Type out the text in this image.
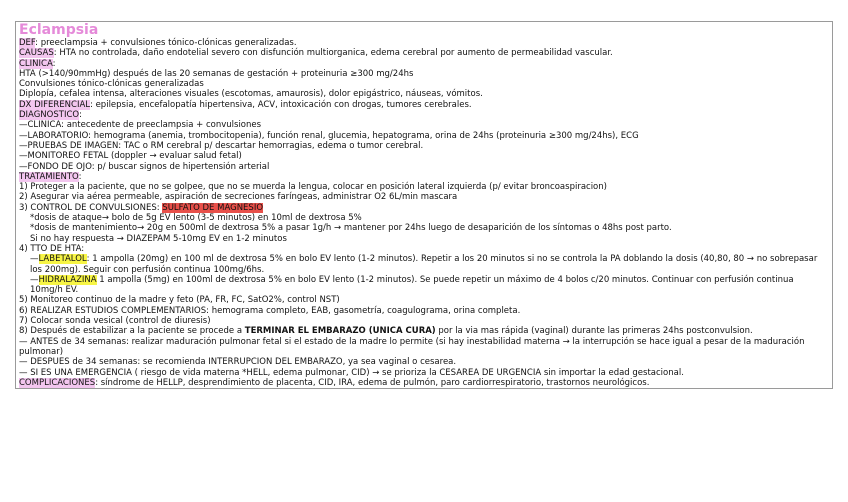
Eclampsia
DEF: preeclampsia + convulsiones tónico-clónicas generalizadas.
CAUSAS: HTA no controlada, daño endotelial severo con disfunción multiorganica, edema cerebral por aumento de permeabilidad vascular.
CLINICA:
HTA (>140/90mmHg) después de las 20 semanas de gestación + proteinuria ≥300 mg/24hs
Convulsiones tónico-clónicas generalizadas
Diplopía, cefalea intensa, alteraciones visuales (escotomas, amaurosis), dolor epigástrico, náuseas, vómitos.
DX DIFERENCIAL: epilepsia, encefalopatía hipertensiva, ACV, intoxicación con drogas, tumores cerebrales.
DIAGNOSTICO:
—CLINICA: antecedente de preeclampsia + convulsiones
—LABORATORIO: hemograma (anemia, trombocitopenia), función renal, glucemia, hepatograma, orina de 24hs (proteinuria ≥300 mg/24hs), ECG
—PRUEBAS DE IMAGEN: TAC o RM cerebral p/ descartar hemorragias, edema o tumor cerebral.
—MONITOREO FETAL (doppler → evaluar salud fetal)
—FONDO DE OJO: p/ buscar signos de hipertensión arterial
TRATAMIENTO:
1) Proteger a la paciente, que no se golpee, que no se muerda la lengua, colocar en posición lateral izquierda (p/ evitar broncoaspiracion)
2) Asegurar via aérea permeable, aspiración de secreciones faríngeas, administrar O2 6L/min mascara
3) CONTROL DE CONVULSIONES: SULFATO DE MAGNESIO
*dosis de ataque→ bolo de 5g EV lento (3-5 minutos) en 10ml de dextrosa 5%
*dosis de mantenimiento→ 20g en 500ml de dextrosa 5% a pasar 1g/h → mantener por 24hs luego de desaparición de los síntomas o 48hs post parto.
Si no hay respuesta → DIAZEPAM 5-10mg EV en 1-2 minutos
4) TTO DE HTA:
—LABETALOL: 1 ampolla (20mg) en 100 ml de dextrosa 5% en bolo EV lento (1-2 minutos). Repetir a los 20 minutos si no se controla la PA doblando la dosis (40,80, 80 → no sobrepasar los 200mg). Seguir con perfusión continua 100mg/6hs.
—HIDRALAZINA 1 ampolla (5mg) en 100ml de dextrosa 5% en bolo EV lento (1-2 minutos). Se puede repetir un máximo de 4 bolos c/20 minutos. Continuar con perfusión continua 10mg/h EV.
5) Monitoreo continuo de la madre y feto (PA, FR, FC, SatO2%, control NST)
6) REALIZAR ESTUDIOS COMPLEMENTARIOS: hemograma completo, EAB, gasometría, coagulograma, orina completa.
7) Colocar sonda vesical (control de diuresis)
8) Después de estabilizar a la paciente se procede a TERMINAR EL EMBARAZO (UNICA CURA) por la via mas rápida (vaginal) durante las primeras 24hs postconvulsion.
— ANTES de 34 semanas: realizar maduración pulmonar fetal si el estado de la madre lo permite (si hay inestabilidad materna → la interrupción se hace igual a pesar de la maduración pulmonar)
— DESPUES de 34 semanas: se recomienda INTERRUPCION DEL EMBARAZO, ya sea vaginal o cesarea.
— SI ES UNA EMERGENCIA ( riesgo de vida materna *HELL, edema pulmonar, CID) → se prioriza la CESAREA DE URGENCIA sin importar la edad gestacional.
COMPLICACIONES: síndrome de HELLP, desprendimiento de placenta, CID, IRA, edema de pulmón, paro cardiorrespiratorio, trastornos neurológicos.
